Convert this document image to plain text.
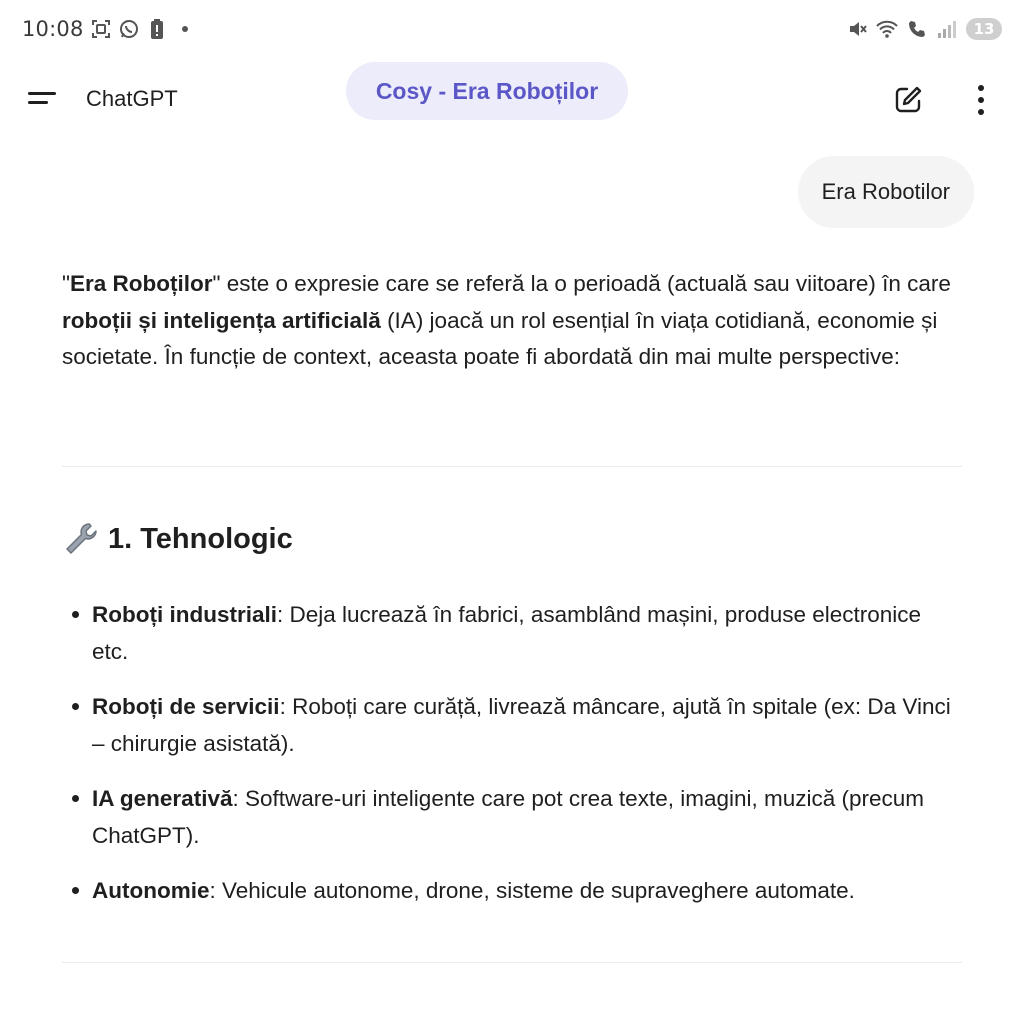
10:08	13
ChatGPT	Cosy - Era Roboților
Era Robotilor

"Era Roboților" este o expresie care se referă la o perioadă (actuală sau viitoare) în care roboții și inteligența artificială (IA) joacă un rol esențial în viața cotidiană, economie și societate. În funcție de context, aceasta poate fi abordată din mai multe perspective:

1. Tehnologic
Roboți industriali: Deja lucrează în fabrici, asamblând mașini, produse electronice etc.
Roboți de servicii: Roboți care curăță, livrează mâncare, ajută în spitale (ex: Da Vinci – chirurgie asistată).
IA generativă: Software-uri inteligente care pot crea texte, imagini, muzică (precum ChatGPT).
Autonomie: Vehicule autonome, drone, sisteme de supraveghere automate.
